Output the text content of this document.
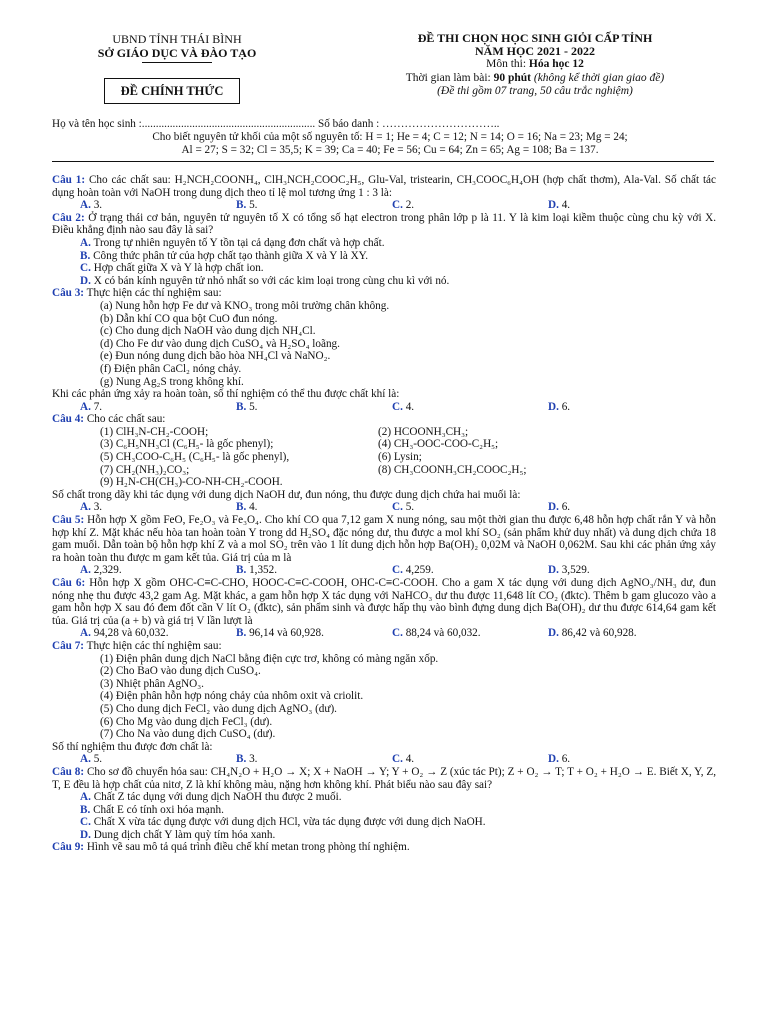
UBND TỈNH THÁI BÌNH
SỞ GIÁO DỤC VÀ ĐÀO TẠO
ĐỀ CHÍNH THỨC
ĐỀ THI CHỌN HỌC SINH GIỎI CẤP TỈNH
NĂM HỌC 2021 - 2022
Môn thi: Hóa học 12
Thời gian làm bài: 90 phút (không kể thời gian giao đề)
(Đề thi gồm 07 trang, 50 câu trắc nghiệm)
Họ và tên học sinh :.............................................................. Số báo danh : …………………………..
Cho biết nguyên tử khối của một số nguyên tố: H = 1; He = 4; C = 12; N = 14; O = 16; Na = 23; Mg = 24;
Al = 27; S = 32; Cl = 35,5; K = 39; Ca = 40; Fe = 56; Cu = 64; Zn = 65; Ag = 108; Ba = 137.
Câu 1: Cho các chất sau: H₂NCH₂COONH₄, ClH₃NCH₂COOC₂H₅, Glu-Val, tristearin, CH₃COOC₆H₄OH (hợp chất thơm), Ala-Val. Số chất tác dụng hoàn toàn với NaOH trong dung dịch theo tỉ lệ mol tương ứng 1 : 3 là:
A. 3.	B. 5.	C. 2.	D. 4.
Câu 2: Ở trạng thái cơ bản, nguyên tử nguyên tố X có tổng số hạt electron trong phân lớp p là 11. Y là kim loại kiềm thuộc cùng chu kỳ với X. Điều khẳng định nào sau đây là sai?
A. Trong tự nhiên nguyên tố Y tồn tại cả dạng đơn chất và hợp chất.
B. Công thức phân tử của hợp chất tạo thành giữa X và Y là XY.
C. Hợp chất giữa X và Y là hợp chất ion.
D. X có bán kính nguyên tử nhỏ nhất so với các kim loại trong cùng chu kì với nó.
Câu 3: Thực hiện các thí nghiệm sau:
(a) Nung hỗn hợp Fe dư và KNO₃ trong môi trường chân không.
(b) Dẫn khí CO qua bột CuO đun nóng.
(c) Cho dung dịch NaOH vào dung dịch NH₄Cl.
(d) Cho Fe dư vào dung dịch CuSO₄ và H₂SO₄ loãng.
(e) Đun nóng dung dịch bão hòa NH₄Cl và NaNO₂.
(f) Điện phân CaCl₂ nóng chảy.
(g) Nung Ag₂S trong không khí.
Khi các phản ứng xảy ra hoàn toàn, số thí nghiệm có thể thu được chất khí là:
A. 7.	B. 5.	C. 4.	D. 6.
Câu 4: Cho các chất sau:
(1) ClH₃N-CH₂-COOH;	(2) HCOONH₃CH₃;
(3) C₆H₅NH₃Cl (C₆H₅- là gốc phenyl);	(4) CH₃-OOC-COO-C₂H₅;
(5) CH₃COO-C₆H₅ (C₆H₅- là gốc phenyl),	(6) Lysin;
(7) CH₂(NH₃)₂CO₃;	(8) CH₃COONH₃CH₂COOC₂H₅;
(9) H₂N-CH(CH₃)-CO-NH-CH₂-COOH.
Số chất trong dãy khi tác dụng với dung dịch NaOH dư, đun nóng, thu được dung dịch chứa hai muối là:
A. 3.	B. 4.	C. 5.	D. 6.
Câu 5: Hỗn hợp X gồm FeO, Fe₂O₃ và Fe₃O₄. Cho khí CO qua 7,12 gam X nung nóng, sau một thời gian thu được 6,48 hỗn hợp chất rắn Y và hỗn hợp khí Z. Mặt khác nếu hòa tan hoàn toàn Y trong dd H₂SO₄ đặc nóng dư, thu được a mol khí SO₂ (sản phẩm khử duy nhất) và dung dịch chứa 18 gam muối. Dẫn toàn bộ hỗn hợp khí Z và a mol SO₂ trên vào 1 lít dung dịch hỗn hợp Ba(OH)₂ 0,02M và NaOH 0,062M. Sau khi các phản ứng xảy ra hoàn toàn thu được m gam kết tủa. Giá trị của m là
A. 2,329.	B. 1,352.	C. 4,259.	D. 3,529.
Câu 6: Hỗn hợp X gồm OHC-C≡C-CHO, HOOC-C≡C-COOH, OHC-C≡C-COOH. Cho a gam X tác dụng với dung dịch AgNO₃/NH₃ dư, đun nóng nhẹ thu được 43,2 gam Ag. Mặt khác, a gam hỗn hợp X tác dụng với NaHCO₃ dư thu được 11,648 lít CO₂ (đktc). Thêm b gam glucozo vào a gam hỗn hợp X sau đó đem đốt cần V lít O₂ (đktc), sản phẩm sinh và được hấp thụ vào bình đựng dung dịch Ba(OH)₂ dư thu được 614,64 gam kết tủa. Giá trị của (a + b) và giá trị V lần lượt là
A. 94,28 và 60,032.	B. 96,14 và 60,928.	C. 88,24 và 60,032.	D. 86,42 và 60,928.
Câu 7: Thực hiện các thí nghiệm sau:
(1) Điện phân dung dịch NaCl bằng điện cực trơ, không có màng ngăn xốp.
(2) Cho BaO vào dung dịch CuSO₄.
(3) Nhiệt phân AgNO₃.
(4) Điện phân hỗn hợp nóng chảy của nhôm oxit và criolit.
(5) Cho dung dịch FeCl₂ vào dung dịch AgNO₃ (dư).
(6) Cho Mg vào dung dịch FeCl₃ (dư).
(7) Cho Na vào dung dịch CuSO₄ (dư).
Số thí nghiệm thu được đơn chất là:
A. 5.	B. 3.	C. 4.	D. 6.
Câu 8: Cho sơ đồ chuyển hóa sau: CH₄N₂O + H₂O → X; X + NaOH → Y; Y + O₂ → Z (xúc tác Pt); Z + O₂ → T; T + O₂ + H₂O → E. Biết X, Y, Z, T, E đều là hợp chất của nitơ, Z là khí không màu, nặng hơn không khí. Phát biểu nào sau đây sai?
A. Chất Z tác dụng với dung dịch NaOH thu được 2 muối.
B. Chất E có tính oxi hóa mạnh.
C. Chất X vừa tác dụng được với dung dịch HCl, vừa tác dụng được với dung dịch NaOH.
D. Dung dịch chất Y làm quỳ tím hóa xanh.
Câu 9: Hình vẽ sau mô tả quá trình điều chế khí metan trong phòng thí nghiệm.
